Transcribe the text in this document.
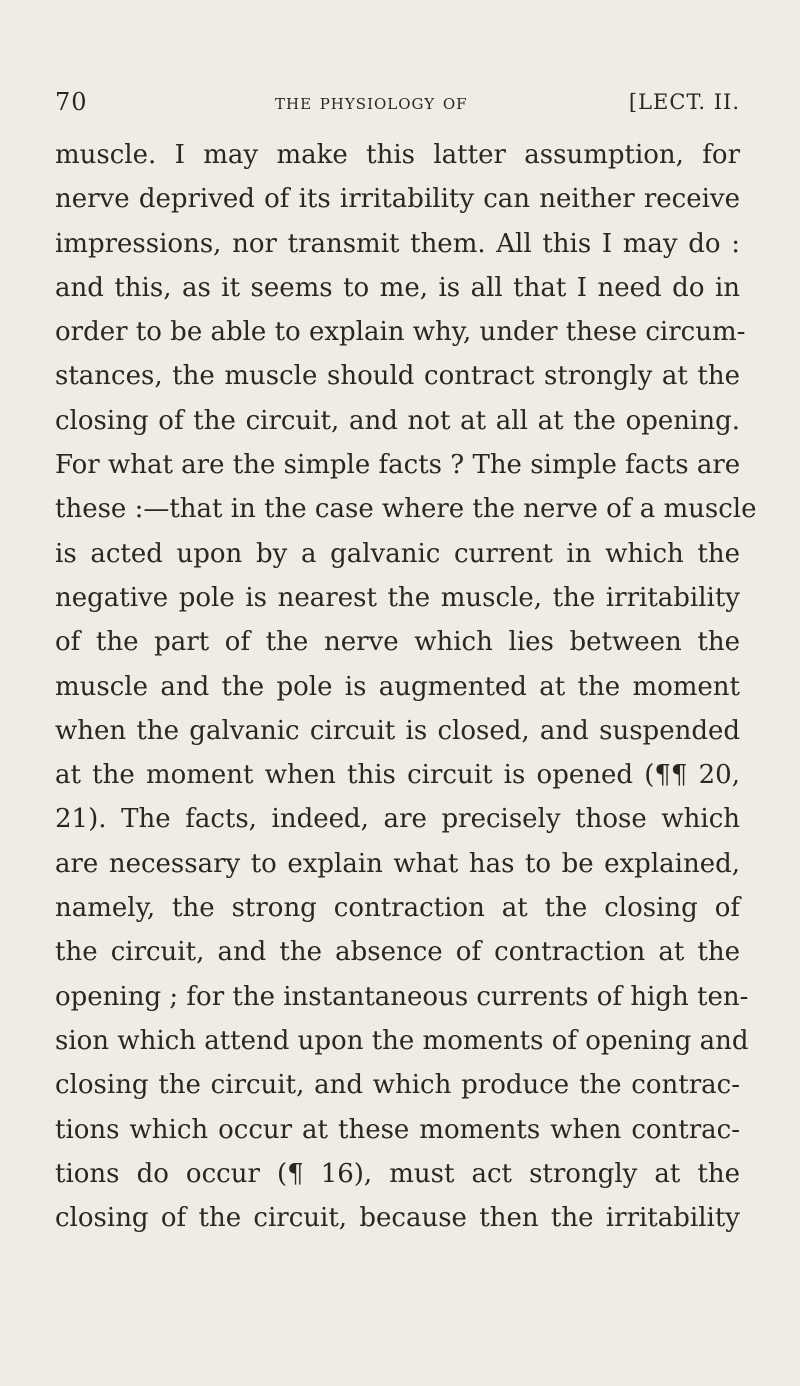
70	the physiology of	[LECT. II.
muscle. I may make this latter assumption, for
nerve deprived of its irritability can neither receive
impressions, nor transmit them. All this I may do :
and this, as it seems to me, is all that I need do in
order to be able to explain why, under these circum-
stances, the muscle should contract strongly at the
closing of the circuit, and not at all at the opening.
For what are the simple facts ? The simple facts are
these :—that in the case where the nerve of a muscle
is acted upon by a galvanic current in which the
negative pole is nearest the muscle, the irritability
of the part of the nerve which lies between the
muscle and the pole is augmented at the moment
when the galvanic circuit is closed, and suspended
at the moment when this circuit is opened (¶¶ 20,
21). The facts, indeed, are precisely those which
are necessary to explain what has to be explained,
namely, the strong contraction at the closing of
the circuit, and the absence of contraction at the
opening ; for the instantaneous currents of high ten-
sion which attend upon the moments of opening and
closing the circuit, and which produce the contrac-
tions which occur at these moments when contrac-
tions do occur (¶ 16), must act strongly at the
closing of the circuit, because then the irritability
